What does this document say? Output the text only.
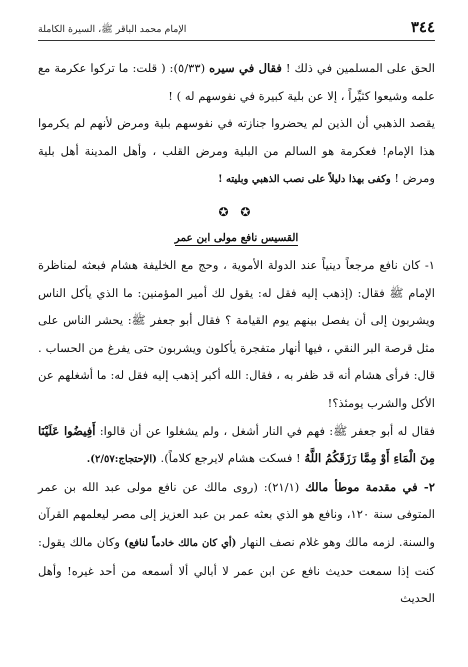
٣٤٤
الإمام محمد الباقر ﷺ، السيرة الكاملة

الحق على المسلمين في ذلك ! فقال في سيره (٥/٣٣): ( قلت: ما تركوا عكرمة مع علمه وشيعوا كثيِّراً ، إلا عن بلية كبيرة في نفوسهم له ) !

يقصد الذهبي أن الذين لم يحضروا جنازته في نفوسهم بلية ومرض لأنهم لم يكرموا هذا الإمام! فعكرمة هو السالم من البلية ومرض القلب ، وأهل المدينة أهل بلية ومرض ! وكفى بهذا دليلاً على نصب الذهبي وبليته !

✪ ✪
القسيس نافع مولى ابن عمر

١- كان نافع مرجعاً دينياً عند الدولة الأموية ، وحج مع الخليفة هشام فبعثه لمناظرة الإمام ﷺ فقال: (إذهب إليه فقل له: يقول لك أمير المؤمنين: ما الذي يأكل الناس ويشربون إلى أن يفصل بينهم يوم القيامة ؟ فقال أبو جعفر ﷺ: يحشر الناس على مثل قرصة البر النقي ، فيها أنهار متفجرة يأكلون ويشربون حتى يفرغ من الحساب . قال: فرأى هشام أنه قد ظفر به ، فقال: الله أكبر إذهب إليه فقل له: ما أشغلهم عن الأكل والشرب يومئذ؟!

فقال له أبو جعفر ﷺ: فهم في النار أشغل ، ولم يشغلوا عن أن قالوا: أَفِيضُوا عَلَيْنَا مِنَ الْمَاءِ أَوْ مِمَّا رَزَقَكُمُ اللَّهُ ! فسكت هشام لايرجع كلاماً). (الإحتجاج:٢/٥٧).

٢- في مقدمة موطأ مالك (٢١/١): (روى مالك عن نافع مولى عبد الله بن عمر المتوفى سنة ١٢٠، ونافع هو الذي بعثه عمر بن عبد العزيز إلى مصر ليعلمهم القرآن والسنة. لزمه مالك وهو غلام نصف النهار (أي كان مالك خادماً لنافع) وكان مالك يقول: كنت إذا سمعت حديث نافع عن ابن عمر لا أبالي ألا أسمعه من أحد غيره! وأهل الحديث
